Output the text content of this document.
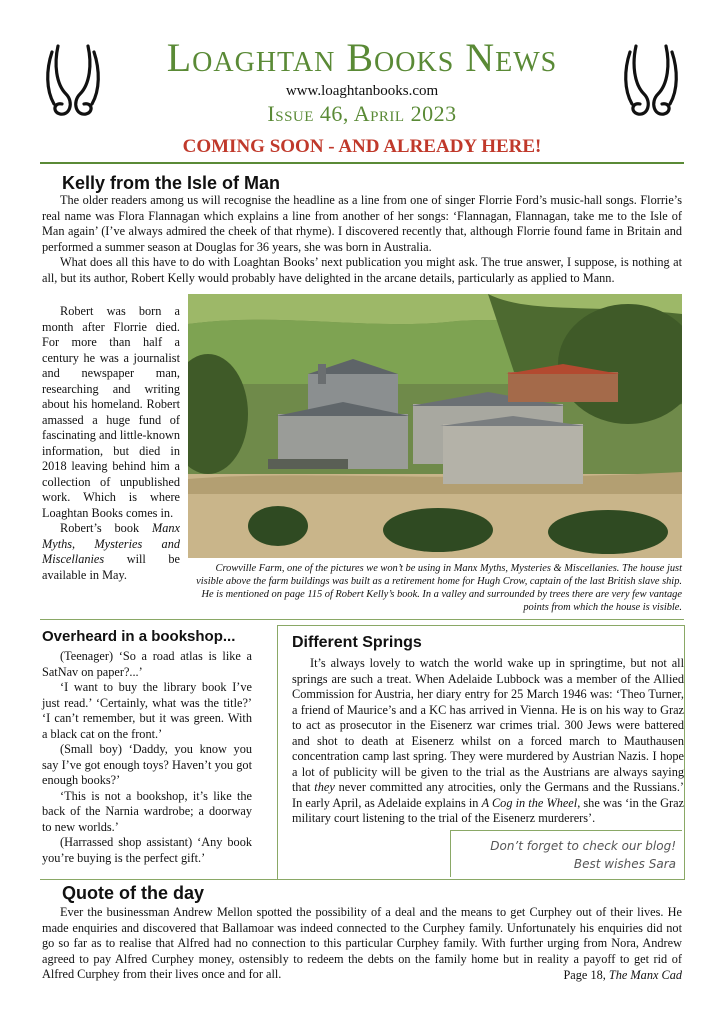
Loaghtan Books News
www.loaghtanbooks.com
Issue 46, April 2023
COMING SOON - AND ALREADY HERE!
Kelly from the Isle of Man

The older readers among us will recognise the headline as a line from one of singer Florrie Ford’s music-hall songs. Florrie’s real name was Flora Flannagan which explains a line from another of her songs: ‘Flannagan, Flannagan, take me to the Isle of Man again’ (I’ve always admired the cheek of that rhyme). I discovered recently that, although Florrie found fame in Britain and performed a summer season at Douglas for 36 years, she was born in Australia.

What does all this have to do with Loaghtan Books’ next publication you might ask. The true answer, I suppose, is nothing at all, but its author, Robert Kelly would probably have delighted in the arcane details, particularly as applied to Mann.

Robert was born a month after Florrie died. For more than half a century he was a journalist and newspaper man, researching and writing about his homeland. Robert amassed a huge fund of fascinating and little-known information, but died in 2018 leaving behind him a collection of unpublished work. Which is where Loaghtan Books comes in.

Robert’s book Manx Myths, Mysteries and Miscellanies will be available in May.	Crowville Farm, one of the pictures we won’t be using in Manx Myths, Mysteries & Miscellanies. The house just visible above the farm buildings was built as a retirement home for Hugh Crow, captain of the last British slave ship. He is mentioned on page 115 of Robert Kelly’s book. In a valley and surrounded by trees there are very few vantage points from which the house is visible.
Overheard in a bookshop...

(Teenager) ‘So a road atlas is like a SatNav on paper?...’

‘I want to buy the library book I’ve just read.’ ‘Certainly, what was the title?’ ‘I can’t remember, but it was green. With a black cat on the front.’

(Small boy) ‘Daddy, you know you say I’ve got enough toys? Haven’t you got enough books?’

‘This is not a bookshop, it’s like the back of the Narnia wardrobe; a doorway to new worlds.’

(Harrassed shop assistant) ‘Any book you’re buying is the perfect gift.’

Different Springs

It’s always lovely to watch the world wake up in springtime, but not all springs are such a treat. When Adelaide Lubbock was a member of the Allied Commission for Austria, her diary entry for 25 March 1946 was: ‘Theo Turner, a friend of Maurice’s and a KC has arrived in Vienna. He is on his way to Graz to act as prosecutor in the Eisenerz war crimes trial. 300 Jews were battered and shot to death at Eisenerz whilst on a forced march to Mauthausen concentration camp last spring. They were murdered by Austrian Nazis. I hope a lot of publicity will be given to the trial as the Austrians are always saying that they never committed any atrocities, only the Germans and the Russians.’ In early April, as Adelaide explains in A Cog in the Wheel, she was ‘in the Graz military court listening to the trial of the Eisenerz murderers’.

Don’t forget to check our blog!
Best wishes Sara
Quote of the day

Ever the businessman Andrew Mellon spotted the possibility of a deal and the means to get Curphey out of their lives. He made enquiries and discovered that Ballamoar was indeed connected to the Curphey family. Unfortunately his enquiries did not go so far as to realise that Alfred had no connection to this particular Curphey family. With further urging from Nora, Andrew agreed to pay Alfred Curphey money, ostensibly to redeem the debts on the family home but in reality a payoff to get rid of Alfred Curphey from their lives once and for all.	Page 18, The Manx Cad
